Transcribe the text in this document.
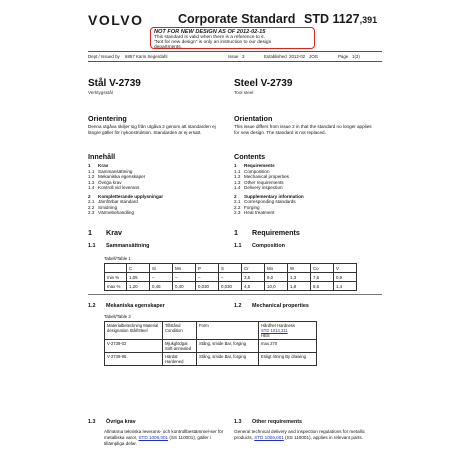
VOLVO	Corporate Standard STD 1127,391
NOT FOR NEW DESIGN AS OF 2012-02-15
This standard is valid when there is a reference to it.
"Not for new design" is only an instruction to our design
departments.
Dept / Issued by 6857 Karin Segerdahl	Issue 3	Established 2012-02 JOG	Page 1(3)
Stål V-2739
Verktygsstål
Orientering
Denna utgåva skiljer sig från utgåva 2 genom att standarden ej längre gäller för nykonstruktion. Standarden är ej ersatt.
Innehåll
1	Krav
1.1 Sammansättning
1.2 Mekaniska egenskaper
1.3 Övriga krav
1.4 Kontroll vid leverans
2	Kompletterande upplysningar
2.1 Jämförbar standard
2.2 Smidning
2.3 Värmebehandling
Steel V-2739
Tool steel
Orientation
This issue differs from issue 2 in that the standard no longer applies for new design. The standard is not replaced.
Contents
1	Requirements
1.1 Composition
1.2 Mechanical properties
1.3 Other requirements
1.4 Delivery inspection
2	Supplementary information
2.1 Corresponding standards
2.2 Forging
2.3 Heat treatment
1 Krav	1 Requirements
1.1 Sammansättning	1.1 Composition
Tabell/Table 1
	C	Si	Mn	P	S	Cr	Mo	W	Co	V
min %	1,05	–	–	–	–	3,5	9,0	1,3	7,5	0,9
max %	1,20	0,45	0,40	0,030	0,030	4,5	10,0	1,8	8,5	1,4
1.2 Mekaniska egenskaper	1.2 Mechanical properties
Tabell/Table 2
Materialbeteckning Material designation Stål/Steel	Tillstånd Condition	Form	Hårdhet Hardness
STD 1014,311
HBS

V-2739-02	Mjukglödgat Soft-annealed	Stång, smide Bar, forging	max 270
V-2739-95	Härdat Hardened	Stång, smide Bar, forging	Enligt ritning By drawing
1.3 Övriga krav	1.3 Other requirements
Allmänna tekniska leverans- och kontrollbestämmel-ser för metalliska varor, STD 1006,001 (SS 110001), gäller i tillämpliga delar.
General technical delivery and inspection regulations for metallic products, STD 1006,001 (SS 110001), applies in relevant parts.
